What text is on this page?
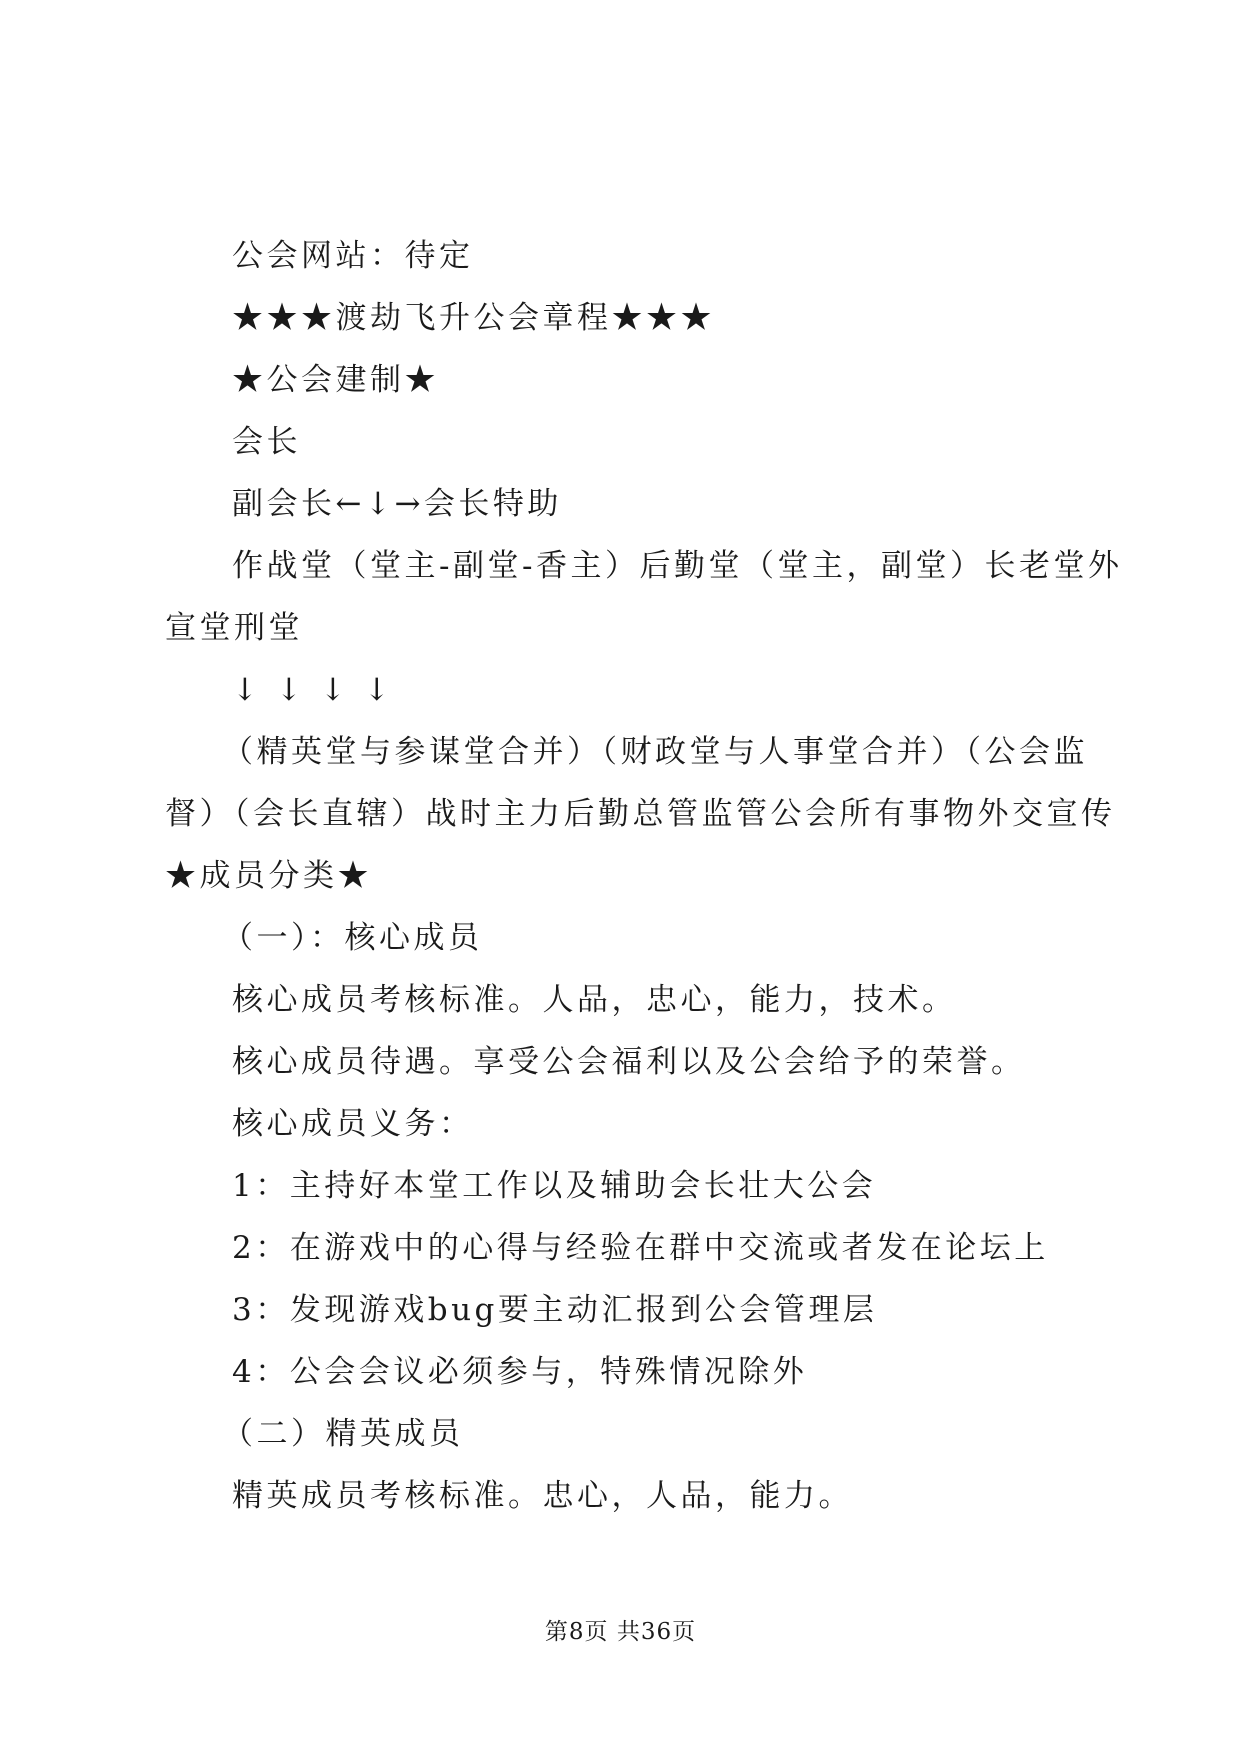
公会网站：待定
★★★渡劫飞升公会章程★★★
★公会建制★
会长
副会长←↓→会长特助
作战堂（堂主-副堂-香主）后勤堂（堂主，副堂）长老堂外
宣堂刑堂
↓↓↓↓
（精英堂与参谋堂合并）（财政堂与人事堂合并）（公会监
督）（会长直辖）战时主力后勤总管监管公会所有事物外交宣传
★成员分类★
（一）：核心成员
核心成员考核标准。人品，忠心，能力，技术。
核心成员待遇。享受公会福利以及公会给予的荣誉。
核心成员义务：
1：主持好本堂工作以及辅助会长壮大公会
2：在游戏中的心得与经验在群中交流或者发在论坛上
3：发现游戏bug要主动汇报到公会管理层
4：公会会议必须参与，特殊情况除外
（二）精英成员
精英成员考核标准。忠心，人品，能力。
第8页 共36页
